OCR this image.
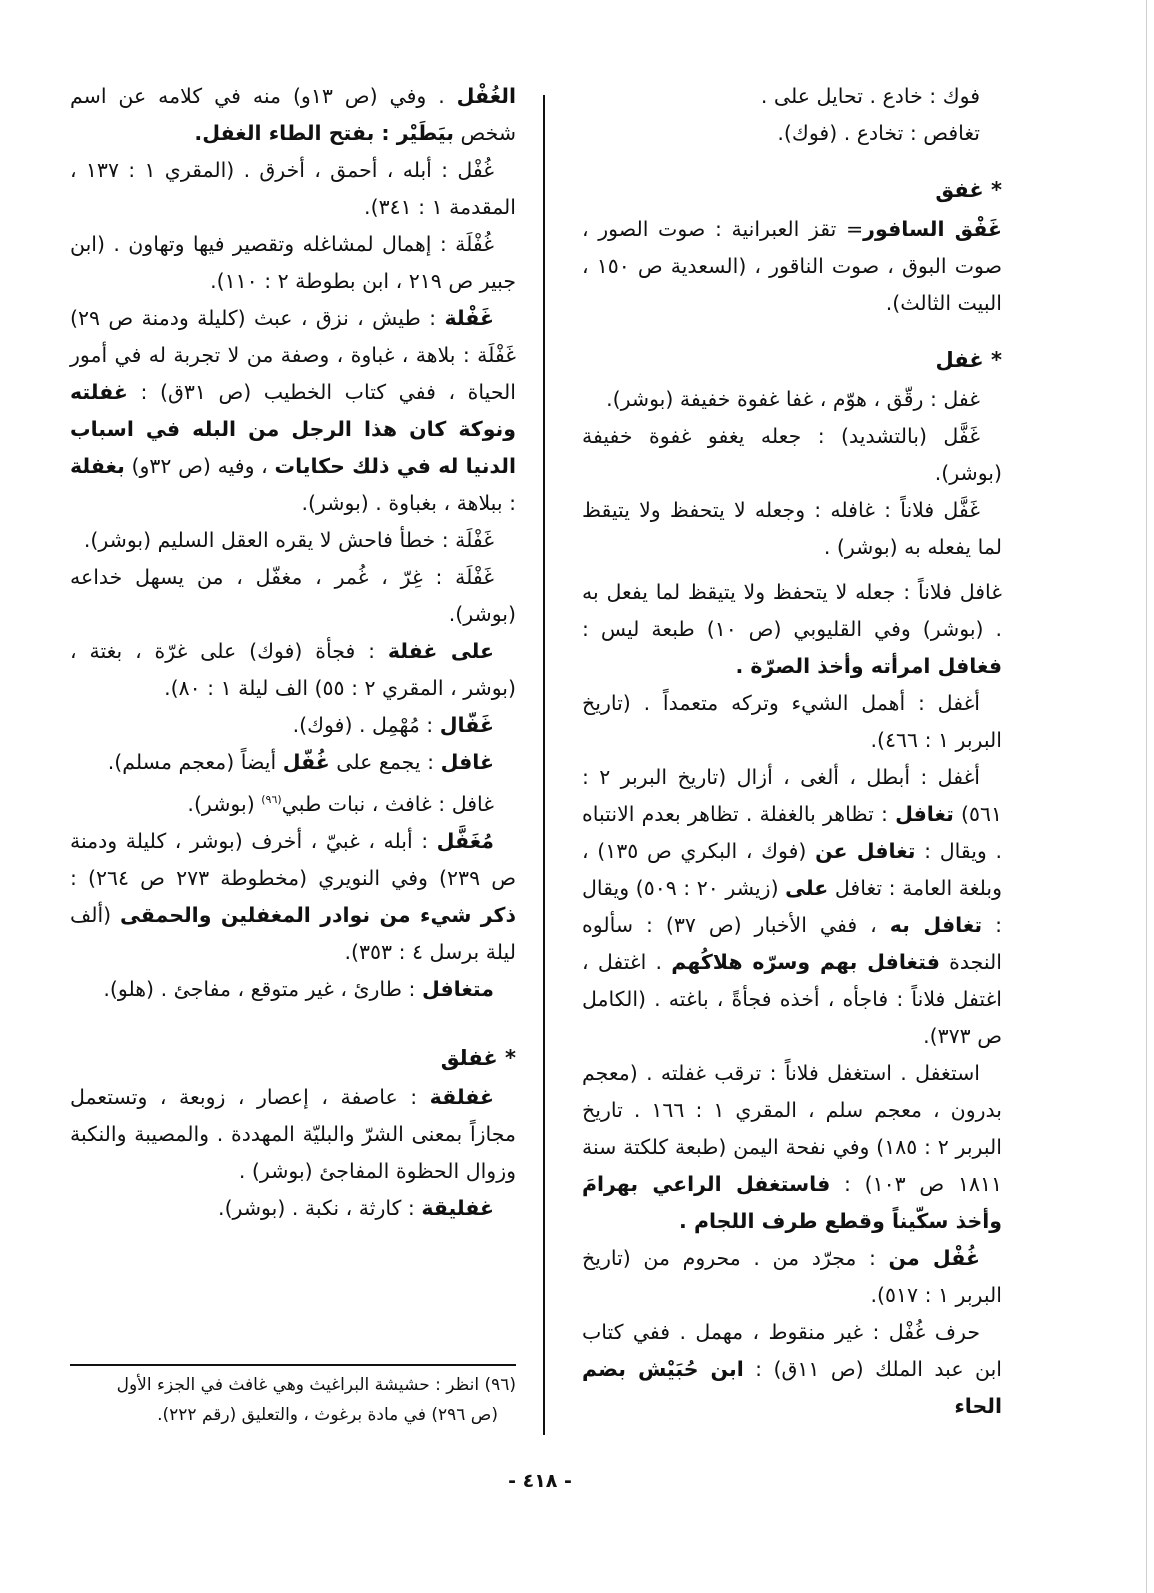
فوك : خادع . تحايل على .

تغافص : تخادع . (فوك).

* غفق

غَفْق السافور= تقز العبرانية : صوت الصور ، صوت البوق ، صوت الناقور ، (السعدية ص ١٥٠ ، البيت الثالث).

* غفل

غفل : رقّق ، هوّم ، غفا غفوة خفيفة (بوشر).

غَفَّل (بالتشديد) : جعله يغفو غفوة خفيفة (بوشر).

غَفَّل فلاناً : غافله : وجعله لا يتحفظ ولا يتيقظ لما يفعله به (بوشر) .

غافل فلاناً : جعله لا يتحفظ ولا يتيقظ لما يفعل به . (بوشر) وفي القليوبي (ص ١٠) طبعة ليس : فغافل امرأته وأخذ الصرّة .

أغفل : أهمل الشيء وتركه متعمداً . (تاريخ البربر ١ : ٤٦٦).

أغفل : أبطل ، ألغى ، أزال (تاريخ البربر ٢ : ٥٦١) تغافل : تظاهر بالغفلة . تظاهر بعدم الانتباه . ويقال : تغافل عن (فوك ، البكري ص ١٣٥) ، وبلغة العامة : تغافل على (زيشر ٢٠ : ٥٠٩) ويقال : تغافل به ، ففي الأخبار (ص ٣٧) : سألوه النجدة فتغافل بهم وسرّه هلاكُهم . اغتفل ، اغتفل فلاناً : فاجأه ، أخذه فجأةً ، باغته . (الكامل ص ٣٧٣).

استغفل . استغفل فلاناً : ترقب غفلته . (معجم بدرون ، معجم سلم ، المقري ١ : ١٦٦ . تاريخ البربر ٢ : ١٨٥) وفي نفحة اليمن (طبعة كلكتة سنة ١٨١١ ص ١٠٣) : فاستغفل الراعي بهرامَ وأخذ سكّيناً وقطع طرف اللجام .

غُفْل من : مجرّد من . محروم من (تاريخ البربر ١ : ٥١٧).

حرف غُفْل : غير منقوط ، مهمل . ففي كتاب ابن عبد الملك (ص ١١ق) : ابن حُبَيْش بضم الحاء

الغُفْل . وفي (ص ١٣و) منه في كلامه عن اسم شخص بيَطَيْر : بفتح الطاء الغفل.

غُفْل : أبله ، أحمق ، أخرق . (المقري ١ : ١٣٧ ، المقدمة ١ : ٣٤١).

غُفْلَة : إهمال لمشاغله وتقصير فيها وتهاون . (ابن جبير ص ٢١٩ ، ابن بطوطة ٢ : ١١٠).

غَفْلة : طيش ، نزق ، عبث (كليلة ودمنة ص ٢٩) غَفْلَة : بلاهة ، غباوة ، وصفة من لا تجربة له في أمور الحياة ، ففي كتاب الخطيب (ص ٣١ق) : غفلته ونوكة كان هذا الرجل من البله في اسباب الدنيا له في ذلك حكايات ، وفيه (ص ٣٢و) بغفلة : ببلاهة ، بغباوة . (بوشر).

غَفْلَة : خطأ فاحش لا يقره العقل السليم (بوشر).

غَفْلَة : غِرّ ، غُمر ، مغفّل ، من يسهل خداعه (بوشر).

على غفلة : فجأة (فوك) على غرّة ، بغتة ، (بوشر ، المقري ٢ : ٥٥) الف ليلة ١ : ٨٠).

غَفّال : مُهْمِل . (فوك).

غافل : يجمع على غُفّل أيضاً (معجم مسلم).

غافل : غافث ، نبات طبي$^{(٩٦)}$ (بوشر).

مُغَفَّل : أبله ، غبيّ ، أخرف (بوشر ، كليلة ودمنة ص ٢٣٩) وفي النويري (مخطوطة ٢٧٣ ص ٢٦٤) : ذكر شيء من نوادر المغفلين والحمقى (ألف ليلة برسل ٤ : ٣٥٣).

متغافل : طارئ ، غير متوقع ، مفاجئ . (هلو).

* غفلق

غفلقة : عاصفة ، إعصار ، زوبعة ، وتستعمل مجازاً بمعنى الشرّ والبليّة المهددة . والمصيبة والنكبة وزوال الحظوة المفاجئ (بوشر) .

غفليقة : كارثة ، نكبة . (بوشر).

(٩٦) انظر : حشيشة البراغيث وهي غافث في الجزء الأول

(ص ٢٩٦) في مادة برغوث ، والتعليق (رقم ٢٢٢).

- ٤١٨ -
